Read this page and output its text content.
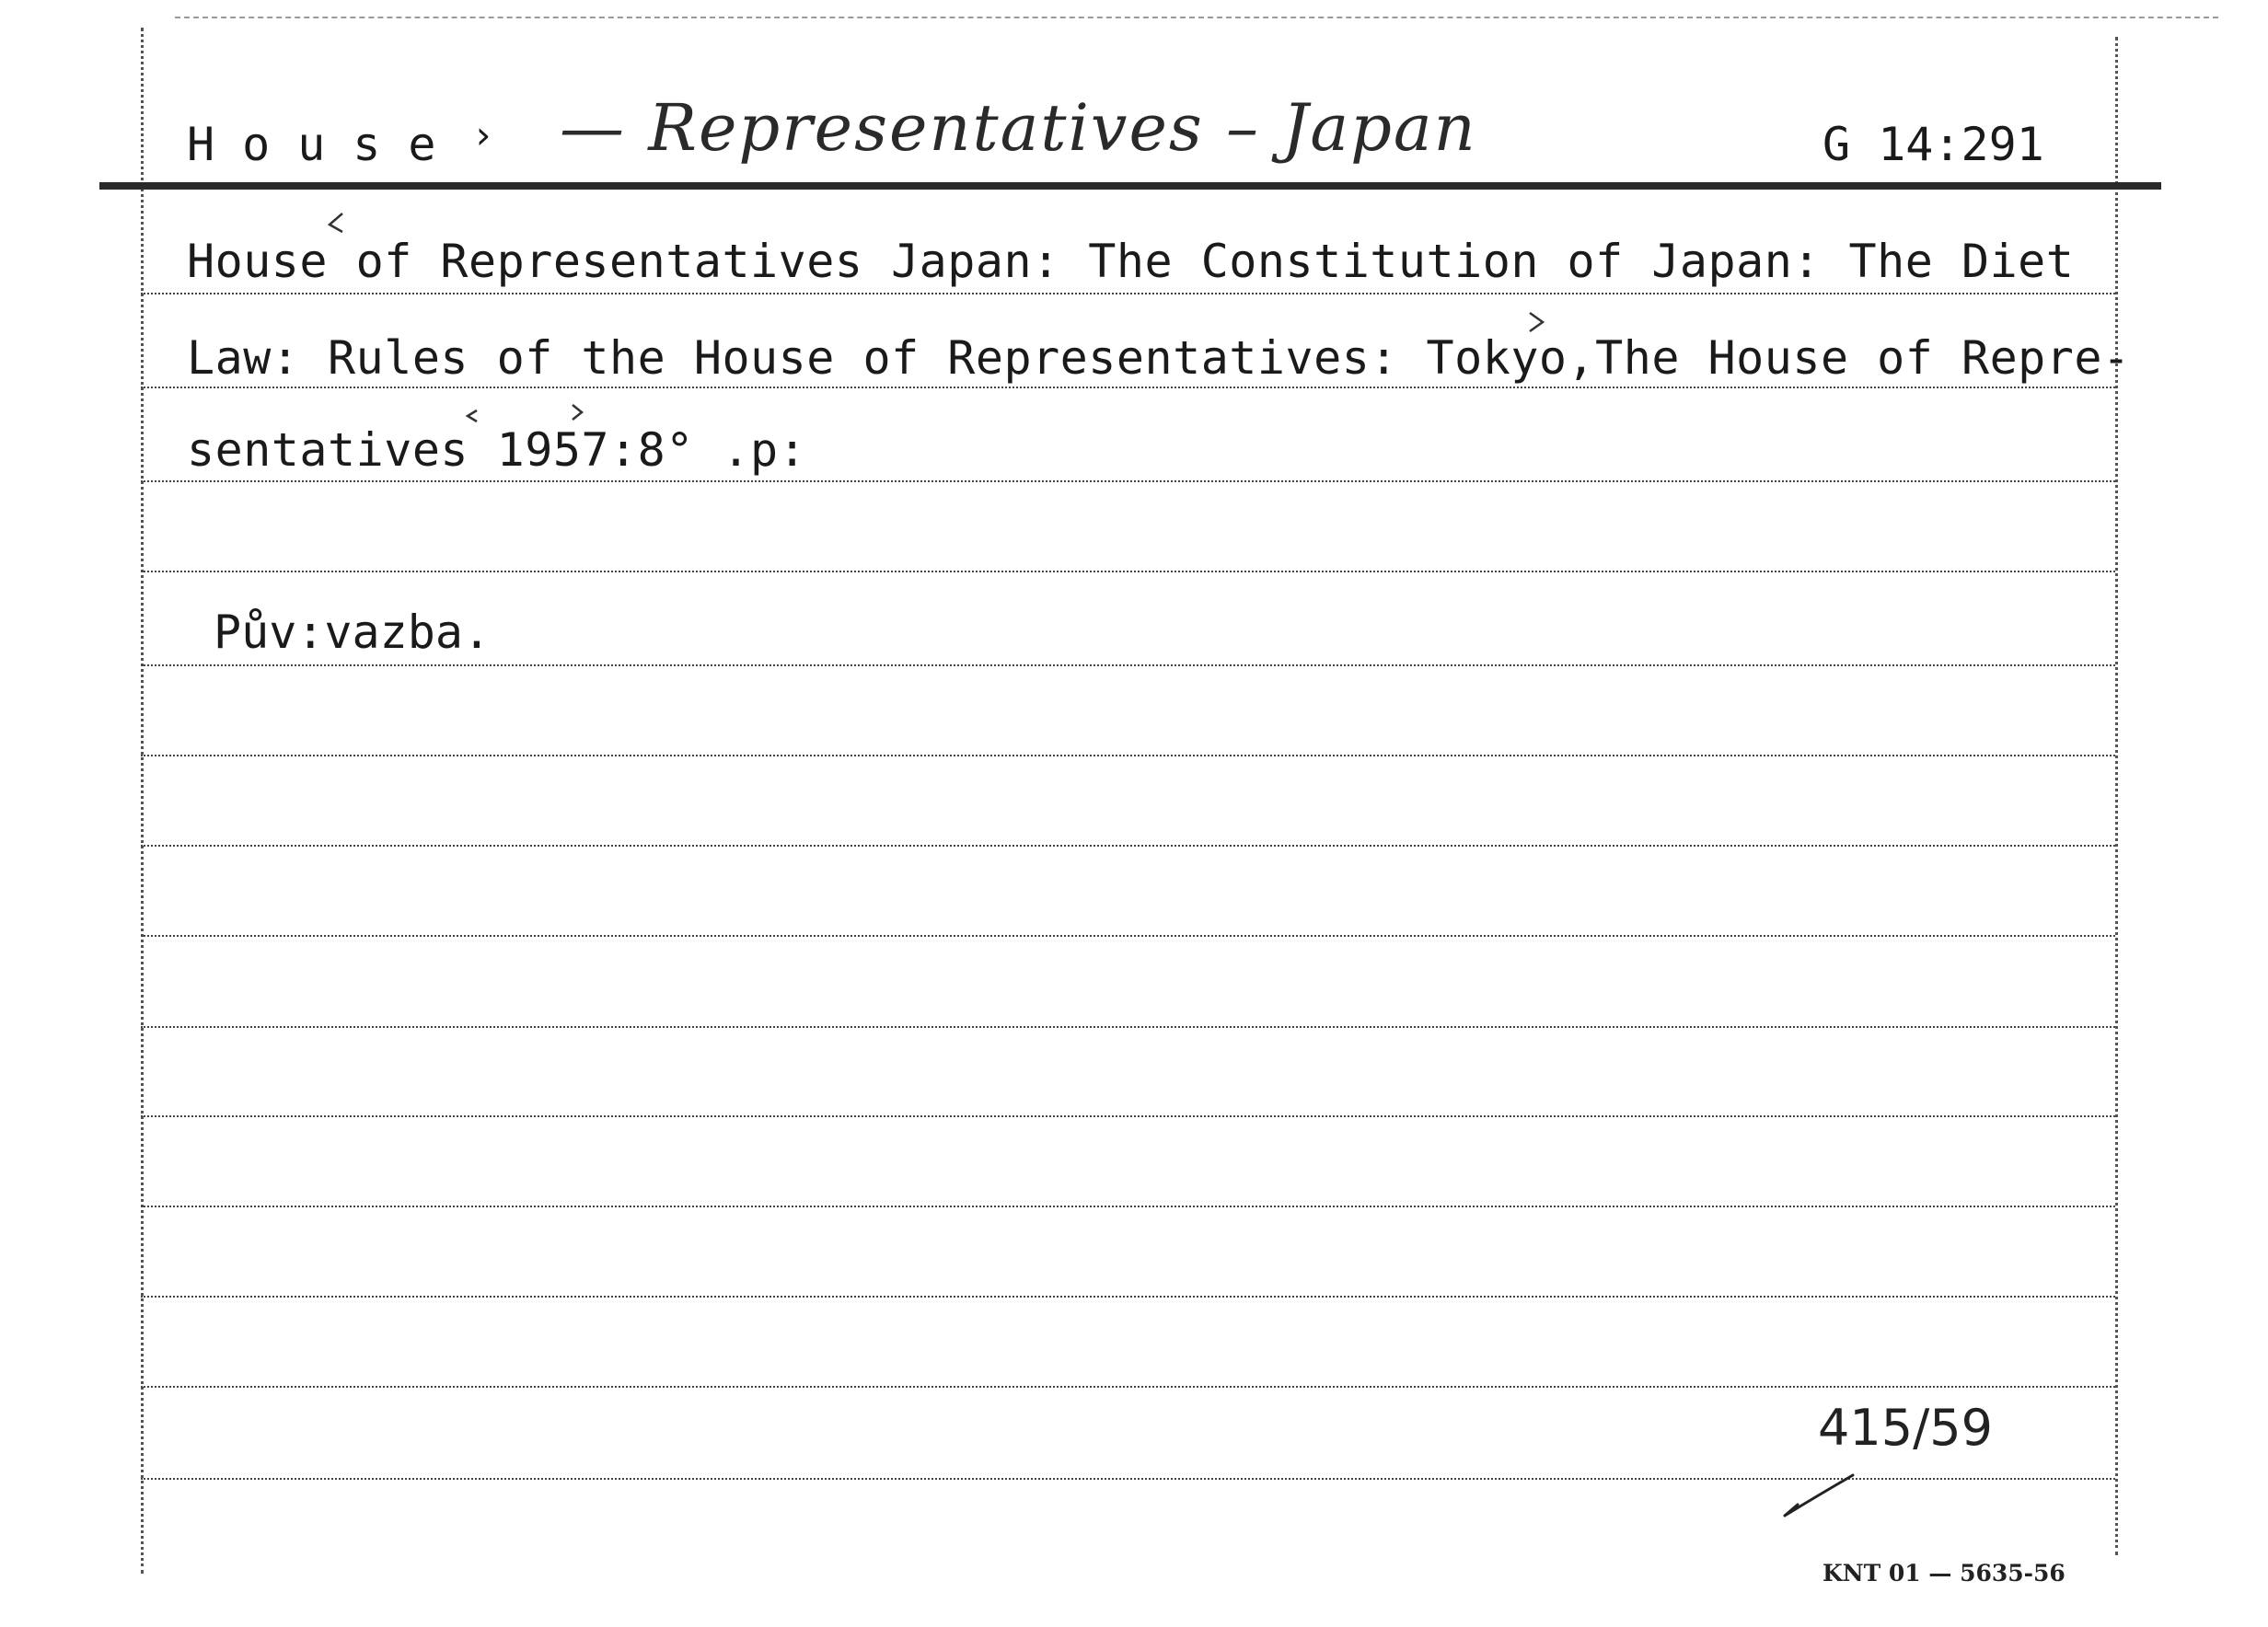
House › — Representatives – Japan	G 14:291
House of Representatives Japan: The Constitution of Japan: The Diet
Law: Rules of the House of Representatives: Tokyo,The House of Repre-
sentatives 1957:8° .p:
Pův:vazba.
415/59
KNT 01 — 5635-56
